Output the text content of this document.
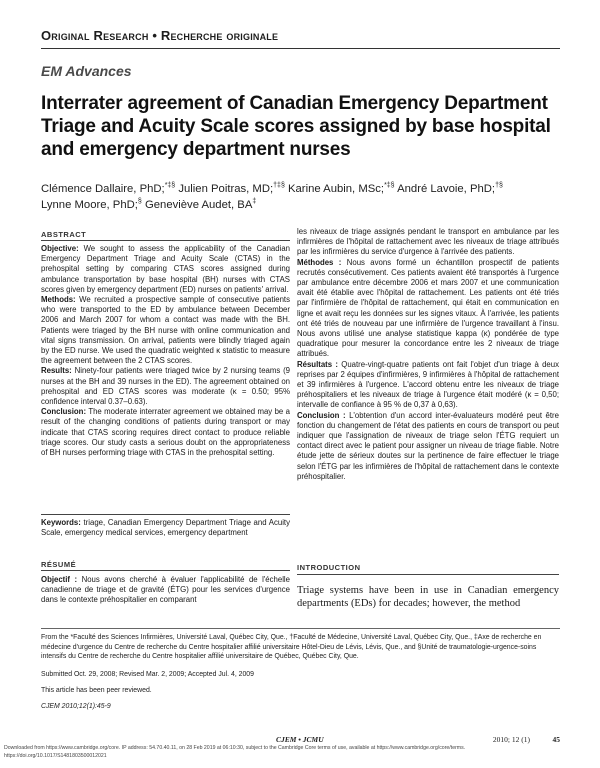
Original Research • Recherche originale
EM Advances
Interrater agreement of Canadian Emergency Department Triage and Acuity Scale scores assigned by base hospital and emergency department nurses
Clémence Dallaire, PhD;*‡§ Julien Poitras, MD;†‡§ Karine Aubin, MSc;*‡§ André Lavoie, PhD;†§
Lynne Moore, PhD;§ Geneviève Audet, BA‡
ABSTRACT

Objective: We sought to assess the applicability of the Canadian Emergency Department Triage and Acuity Scale (CTAS) in the prehospital setting by comparing CTAS scores assigned during ambulance transportation by base hospital (BH) nurses with CTAS scores given by emergency department (ED) nurses on patients' arrival.

Methods: We recruited a prospective sample of consecutive patients who were transported to the ED by ambulance between December 2006 and March 2007 for whom a contact was made with the BH. Patients were triaged by the BH nurse with online communication and vital signs transmission. On arrival, patients were blindly triaged again by the ED nurse. We used the quadratic weighted κ statistic to measure the agreement between the 2 CTAS scores.

Results: Ninety-four patients were triaged twice by 2 nursing teams (9 nurses at the BH and 39 nurses in the ED). The agreement obtained on prehospital and ED CTAS scores was moderate (κ = 0.50; 95% confidence interval 0.37–0.63).

Conclusion: The moderate interrater agreement we obtained may be a result of the changing conditions of patients during transport or may indicate that CTAS scoring requires direct contact to produce reliable triage scores. Our study casts a serious doubt on the appropriateness of BH nurses performing triage with CTAS in the prehospital setting.

Keywords: triage, Canadian Emergency Department Triage and Acuity Scale, emergency medical services, emergency department
RÉSUMÉ
Objectif : Nous avons cherché à évaluer l'applicabilité de l'échelle canadienne de triage et de gravité (ÉTG) pour les services d'urgence dans le contexte préhospitalier en comparant

les niveaux de triage assignés pendant le transport en ambulance par les infirmières de l'hôpital de rattachement avec les niveaux de triage attribués par les infirmières du service d'urgence à l'arrivée des patients.

Méthodes : Nous avons formé un échantillon prospectif de patients recrutés consécutivement. Ces patients avaient été transportés à l'urgence par ambulance entre décembre 2006 et mars 2007 et une communication avait été établie avec l'hôpital de rattachement. Les patients ont été triés par l'infirmière de l'hôpital de rattachement, qui était en communication en ligne et avait reçu les données sur les signes vitaux. À l'arrivée, les patients ont été triés de nouveau par une infirmière de l'urgence travaillant à l'insu. Nous avons utilisé une analyse statistique kappa (κ) pondérée de type quadratique pour mesurer la concordance entre les 2 niveaux de triage attribués.

Résultats : Quatre-vingt-quatre patients ont fait l'objet d'un triage à deux reprises par 2 équipes d'infirmières, 9 infirmières à l'hôpital de rattachement et 39 infirmières à l'urgence. L'accord obtenu entre les niveaux de triage préhospitaliers et les niveaux de triage à l'urgence était modéré (κ = 0,50; intervalle de confiance à 95 % de 0,37 à 0,63).

Conclusion : L'obtention d'un accord inter-évaluateurs modéré peut être fonction du changement de l'état des patients en cours de transport ou peut indiquer que l'assignation de niveaux de triage selon l'ÉTG requiert un contact direct avec le patient pour assigner un niveau de triage fiable. Notre étude jette de sérieux doutes sur la pertinence de faire effectuer le triage selon l'ÉTG par les infirmières de l'hôpital de rattachement dans le contexte préhospitalier.

INTRODUCTION
Triage systems have been in use in Canadian emergency departments (EDs) for decades; however, the method
From the *Faculté des Sciences Infirmières, Université Laval, Québec City, Que., †Faculté de Médecine, Université Laval, Québec City, Que., ‡Axe de recherche en médecine d'urgence du Centre de recherche du Centre hospitalier affilié universitaire Hôtel-Dieu de Lévis, Lévis, Que., and §Unité de traumatologie-urgence-soins intensifs du Centre de recherche du Centre hospitalier affilié universitaire de Québec, Québec City, Que.
Submitted Oct. 29, 2008; Revised Mar. 2, 2009; Accepted Jul. 4, 2009
This article has been peer reviewed.
CJEM 2010;12(1):45-9
CJEM • JCMU	2010; 12 (1)	45
Downloaded from https://www.cambridge.org/core. IP address: 54.70.40.11, on 28 Feb 2019 at 06:10:30, subject to the Cambridge Core terms of use, available at https://www.cambridge.org/core/terms.
https://doi.org/10.1017/S1481803500012021
